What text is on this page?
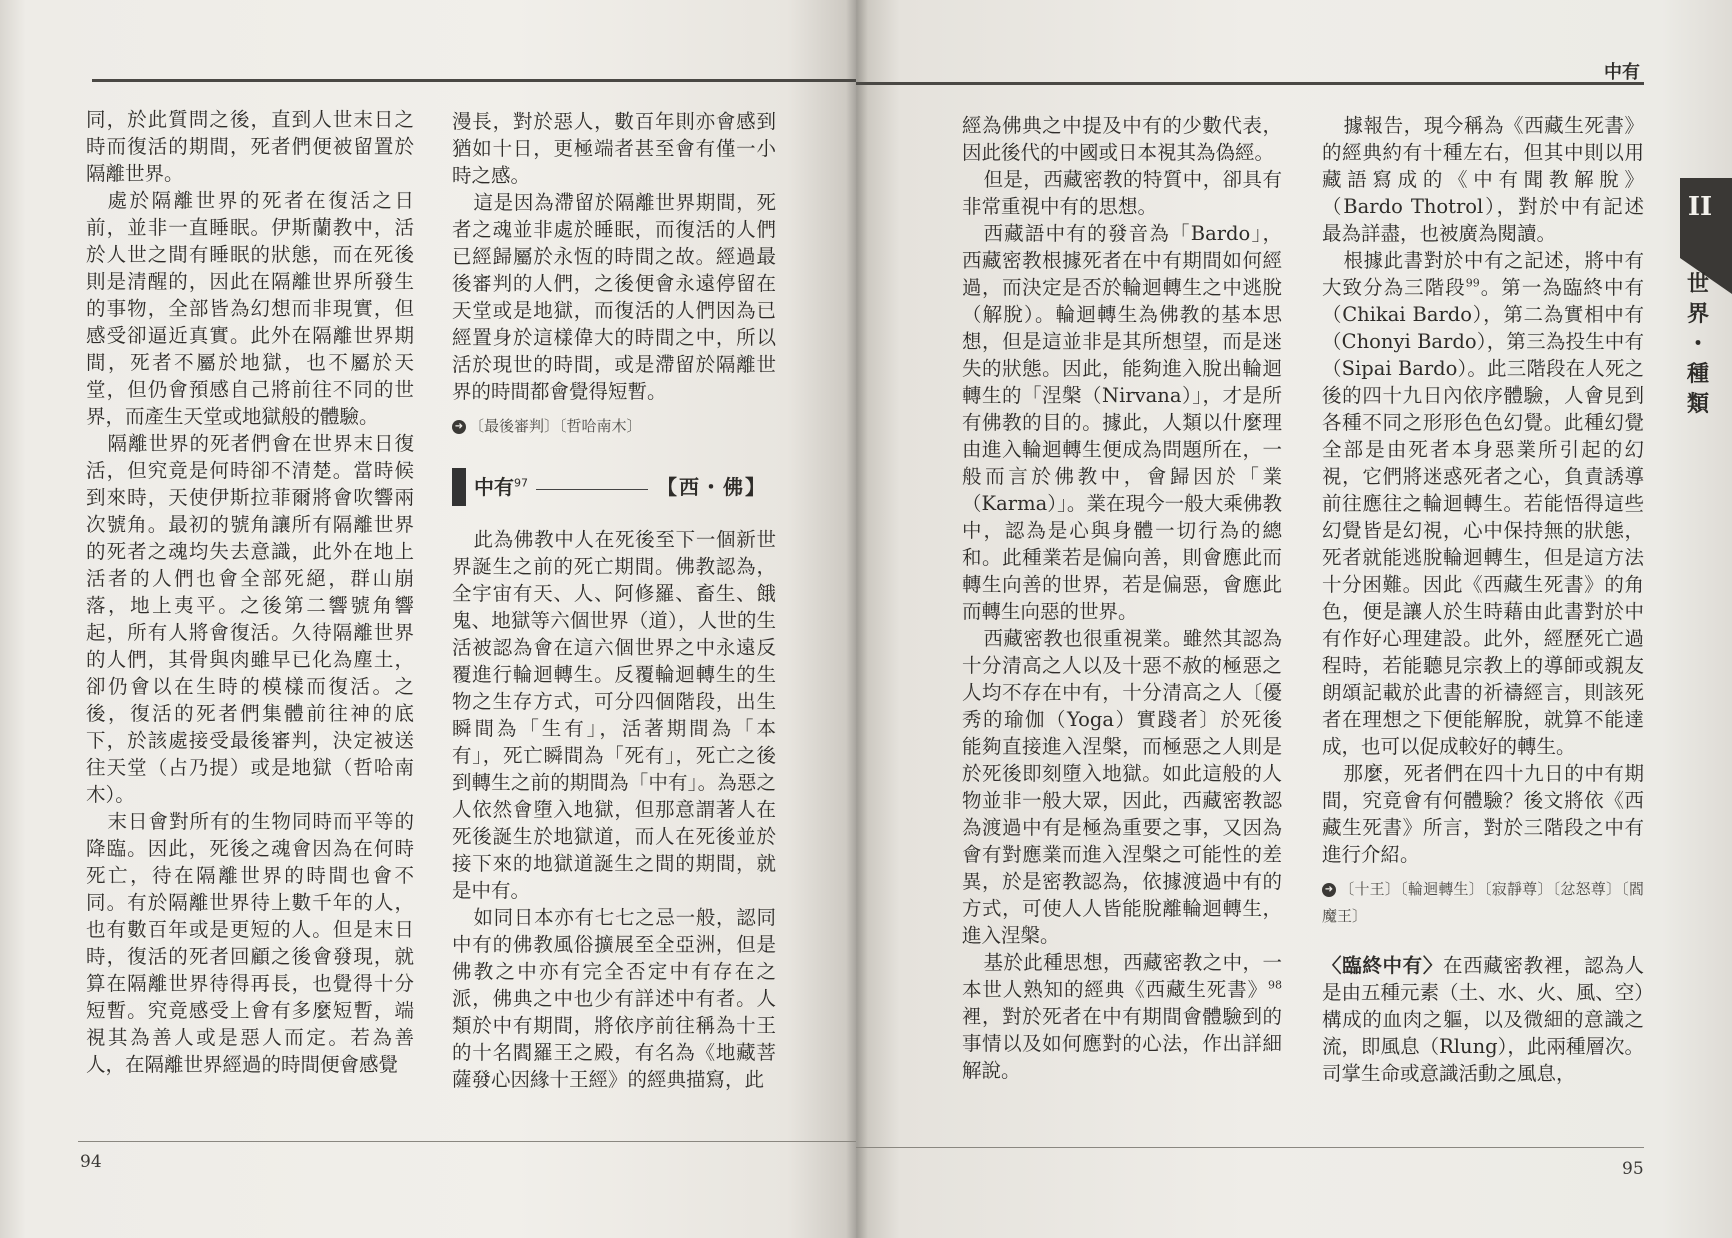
中有
II
世
界
・
種
類

同，於此質問之後，直到人世末日之時而復活的期間，死者們便被留置於隔離世界。

處於隔離世界的死者在復活之日前，並非一直睡眠。伊斯蘭教中，活於人世之間有睡眠的狀態，而在死後則是清醒的，因此在隔離世界所發生的事物，全部皆為幻想而非現實，但感受卻逼近真實。此外在隔離世界期間，死者不屬於地獄，也不屬於天堂，但仍會預感自己將前往不同的世界，而產生天堂或地獄般的體驗。

隔離世界的死者們會在世界末日復活，但究竟是何時卻不清楚。當時候到來時，天使伊斯拉菲爾將會吹響兩次號角。最初的號角讓所有隔離世界的死者之魂均失去意識，此外在地上活者的人們也會全部死絕，群山崩落，地上夷平。之後第二響號角響起，所有人將會復活。久待隔離世界的人們，其骨與肉雖早已化為塵土，卻仍會以在生時的模樣而復活。之後，復活的死者們集體前往神的底下，於該處接受最後審判，決定被送往天堂（占乃提）或是地獄（哲哈南木）。

末日會對所有的生物同時而平等的降臨。因此，死後之魂會因為在何時死亡，待在隔離世界的時間也會不同。有於隔離世界待上數千年的人，也有數百年或是更短的人。但是末日時，復活的死者回顧之後會發現，就算在隔離世界待得再長，也覺得十分短暫。究竟感受上會有多麼短暫，端視其為善人或是惡人而定。若為善人，在隔離世界經過的時間便會感覺

漫長，對於惡人，數百年則亦會感到猶如十日，更極端者甚至會有僅一小時之感。

這是因為滯留於隔離世界期間，死者之魂並非處於睡眠，而復活的人們已經歸屬於永恆的時間之故。經過最後審判的人們，之後便會永遠停留在天堂或是地獄，而復活的人們因為已經置身於這樣偉大的時間之中，所以活於現世的時間，或是滯留於隔離世界的時間都會覺得短暫。

➜ 〔最後審判〕〔哲哈南木〕
中有$^{97}$	【西・佛】

此為佛教中人在死後至下一個新世界誕生之前的死亡期間。佛教認為，全宇宙有天、人、阿修羅、畜生、餓鬼、地獄等六個世界（道），人世的生活被認為會在這六個世界之中永遠反覆進行輪迴轉生。反覆輪迴轉生的生物之生存方式，可分四個階段，出生瞬間為「生有」，活著期間為「本有」，死亡瞬間為「死有」，死亡之後到轉生之前的期間為「中有」。為惡之人依然會墮入地獄，但那意謂著人在死後誕生於地獄道，而人在死後並於接下來的地獄道誕生之間的期間，就是中有。

如同日本亦有七七之忌一般，認同中有的佛教風俗擴展至全亞洲，但是佛教之中亦有完全否定中有存在之派，佛典之中也少有詳述中有者。人類於中有期間，將依序前往稱為十王的十名閻羅王之殿，有名為《地藏菩薩發心因緣十王經》的經典描寫，此

經為佛典之中提及中有的少數代表，因此後代的中國或日本視其為偽經。

但是，西藏密教的特質中，卻具有非常重視中有的思想。

西藏語中有的發音為「Bardo」，西藏密教根據死者在中有期間如何經過，而決定是否於輪迴轉生之中逃脫（解脫）。輪迴轉生為佛教的基本思想，但是這並非是其所想望，而是迷失的狀態。因此，能夠進入脫出輪迴轉生的「涅槃（Nirvana）」，才是所有佛教的目的。據此，人類以什麼理由進入輪迴轉生便成為問題所在，一般而言於佛教中，會歸因於「業（Karma）」。業在現今一般大乘佛教中，認為是心與身體一切行為的總和。此種業若是偏向善，則會應此而轉生向善的世界，若是偏惡，會應此而轉生向惡的世界。

西藏密教也很重視業。雖然其認為十分清高之人以及十惡不赦的極惡之人均不存在中有，十分清高之人〔優秀的瑜伽（Yoga）實踐者〕於死後能夠直接進入涅槃，而極惡之人則是於死後即刻墮入地獄。如此這般的人物並非一般大眾，因此，西藏密教認為渡過中有是極為重要之事，又因為會有對應業而進入涅槃之可能性的差異，於是密教認為，依據渡過中有的方式，可使人人皆能脫離輪迴轉生，進入涅槃。

基於此種思想，西藏密教之中，一本世人熟知的經典《西藏生死書》$^{98}$裡，對於死者在中有期間會體驗到的事情以及如何應對的心法，作出詳細解說。

據報告，現今稱為《西藏生死書》的經典約有十種左右，但其中則以用藏語寫成的《中有聞教解脫》（Bardo Thotrol），對於中有記述最為詳盡，也被廣為閱讀。

根據此書對於中有之記述，將中有大致分為三階段$^{99}$。第一為臨終中有（Chikai Bardo），第二為實相中有（Chonyi Bardo），第三為投生中有（Sipai Bardo）。此三階段在人死之後的四十九日內依序體驗，人會見到各種不同之形形色色幻覺。此種幻覺全部是由死者本身惡業所引起的幻視，它們將迷惑死者之心，負責誘導前往應往之輪迴轉生。若能悟得這些幻覺皆是幻視，心中保持無的狀態，死者就能逃脫輪迴轉生，但是這方法十分困難。因此《西藏生死書》的角色，便是讓人於生時藉由此書對於中有作好心理建設。此外，經歷死亡過程時，若能聽見宗教上的導師或親友朗頌記載於此書的祈禱經言，則該死者在理想之下便能解脫，就算不能達成，也可以促成較好的轉生。

那麼，死者們在四十九日的中有期間，究竟會有何體驗？後文將依《西藏生死書》所言，對於三階段之中有進行介紹。

➜ 〔十王〕〔輪迴轉生〕〔寂靜尊〕〔忿怒尊〕〔閻魔王〕

〈臨終中有〉在西藏密教裡，認為人是由五種元素（土、水、火、風、空）構成的血肉之軀，以及微細的意識之流，即風息（Rlung），此兩種層次。司掌生命或意識活動之風息，

94	95
